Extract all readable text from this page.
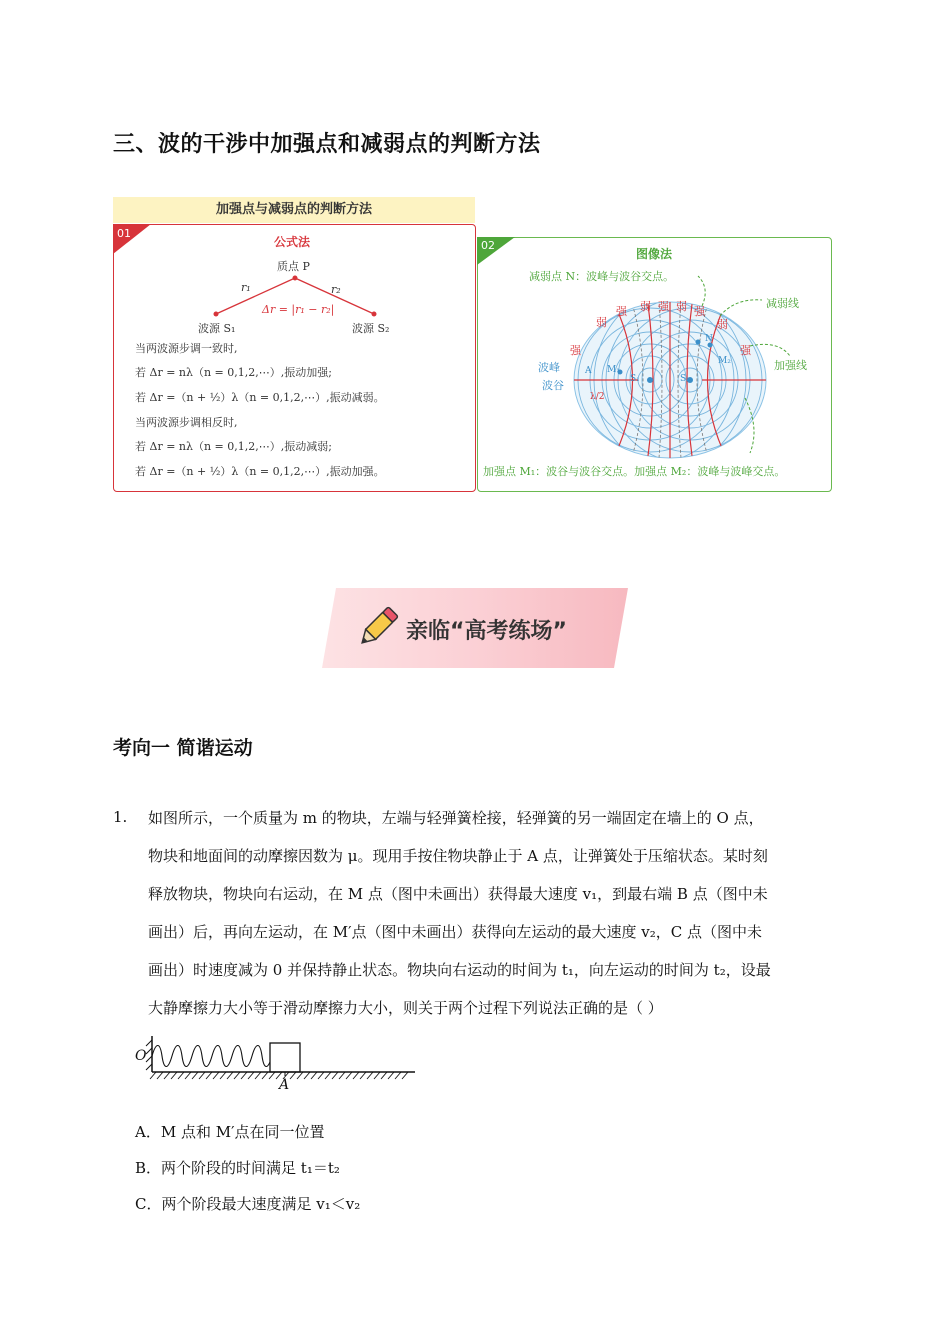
三、波的干涉中加强点和减弱点的判断方法
加强点与减弱点的判断方法
01
公式法
质点 P
r₁	r₂
Δr = |r₁ − r₂|
波源 S₁	波源 S₂
当两波源步调一致时,
若 Δr = nλ（n = 0,1,2,⋯）,振动加强;
若 Δr =（n + ½）λ（n = 0,1,2,⋯）,振动减弱。
当两波源步调相反时,
若 Δr = nλ（n = 0,1,2,⋯）,振动减弱;
若 Δr =（n + ½）λ（n = 0,1,2,⋯）,振动加强。
02
图像法
减弱点 N：波峰与波谷交点。
减弱线
加强线
强 弱 强 弱 强
弱	弱
强	强
波峰
波谷	S₁	S₂
M₁
M₂
N
A
λ/2
加强点 M₁：波谷与波谷交点。加强点 M₂：波峰与波峰交点。
亲临“高考练场”
考向一 简谐运动
1. 如图所示，一个质量为 m 的物块，左端与轻弹簧栓接，轻弹簧的另一端固定在墙上的 O 点，
物块和地面间的动摩擦因数为 μ。现用手按住物块静止于 A 点，让弹簧处于压缩状态。某时刻
释放物块，物块向右运动，在 M 点（图中未画出）获得最大速度 v₁，到最右端 B 点（图中未
画出）后，再向左运动，在 M′点（图中未画出）获得向左运动的最大速度 v₂，C 点（图中未
画出）时速度减为 0 并保持静止状态。物块向右运动的时间为 t₁，向左运动的时间为 t₂，设最
大静摩擦力大小等于滑动摩擦力大小，则关于两个过程下列说法正确的是（ ）
O
A
A．M 点和 M′点在同一位置
B．两个阶段的时间满足 t₁＝t₂
C．两个阶段最大速度满足 v₁＜v₂
